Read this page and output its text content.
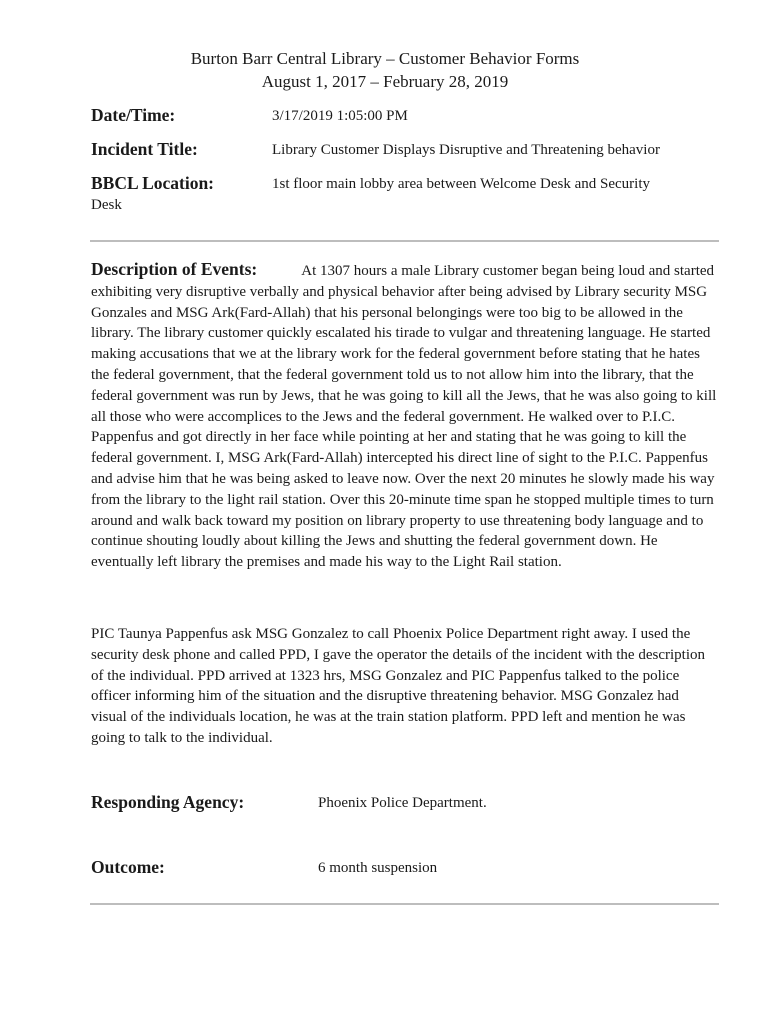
Burton Barr Central Library – Customer Behavior Forms
August 1, 2017 – February 28, 2019
Date/Time:	3/17/2019 1:05:00 PM
Incident Title:	Library Customer Displays Disruptive and Threatening behavior
BBCL Location:	1st floor main lobby area between Welcome Desk and Security
Desk

Description of Events:	At 1307 hours a male Library customer began being loud and started exhibiting very disruptive verbally and physical behavior after being advised by Library security MSG Gonzales and MSG Ark(Fard-Allah) that his personal belongings were too big to be allowed in the library. The library customer quickly escalated his tirade to vulgar and threatening language. He started making accusations that we at the library work for the federal government before stating that he hates the federal government, that the federal government told us to not allow him into the library, that the federal government was run by Jews, that he was going to kill all the Jews, that he was also going to kill all those who were accomplices to the Jews and the federal government. He walked over to P.I.C. Pappenfus and got directly in her face while pointing at her and stating that he was going to kill the federal government. I, MSG Ark(Fard-Allah) intercepted his direct line of sight to the P.I.C. Pappenfus and advise him that he was being asked to leave now. Over the next 20 minutes he slowly made his way from the library to the light rail station. Over this 20-minute time span he stopped multiple times to turn around and walk back toward my position on library property to use threatening body language and to continue shouting loudly about killing the Jews and shutting the federal government down. He eventually left library the premises and made his way to the Light Rail station.

PIC Taunya Pappenfus ask MSG Gonzalez to call Phoenix Police Department right away. I used the security desk phone and called PPD, I gave the operator the details of the incident with the description of the individual. PPD arrived at 1323 hrs, MSG Gonzalez and PIC Pappenfus talked to the police officer informing him of the situation and the disruptive threatening behavior. MSG Gonzalez had visual of the individuals location, he was at the train station platform. PPD left and mention he was going to talk to the individual.

Responding Agency:	Phoenix Police Department.
Outcome:	6 month suspension
